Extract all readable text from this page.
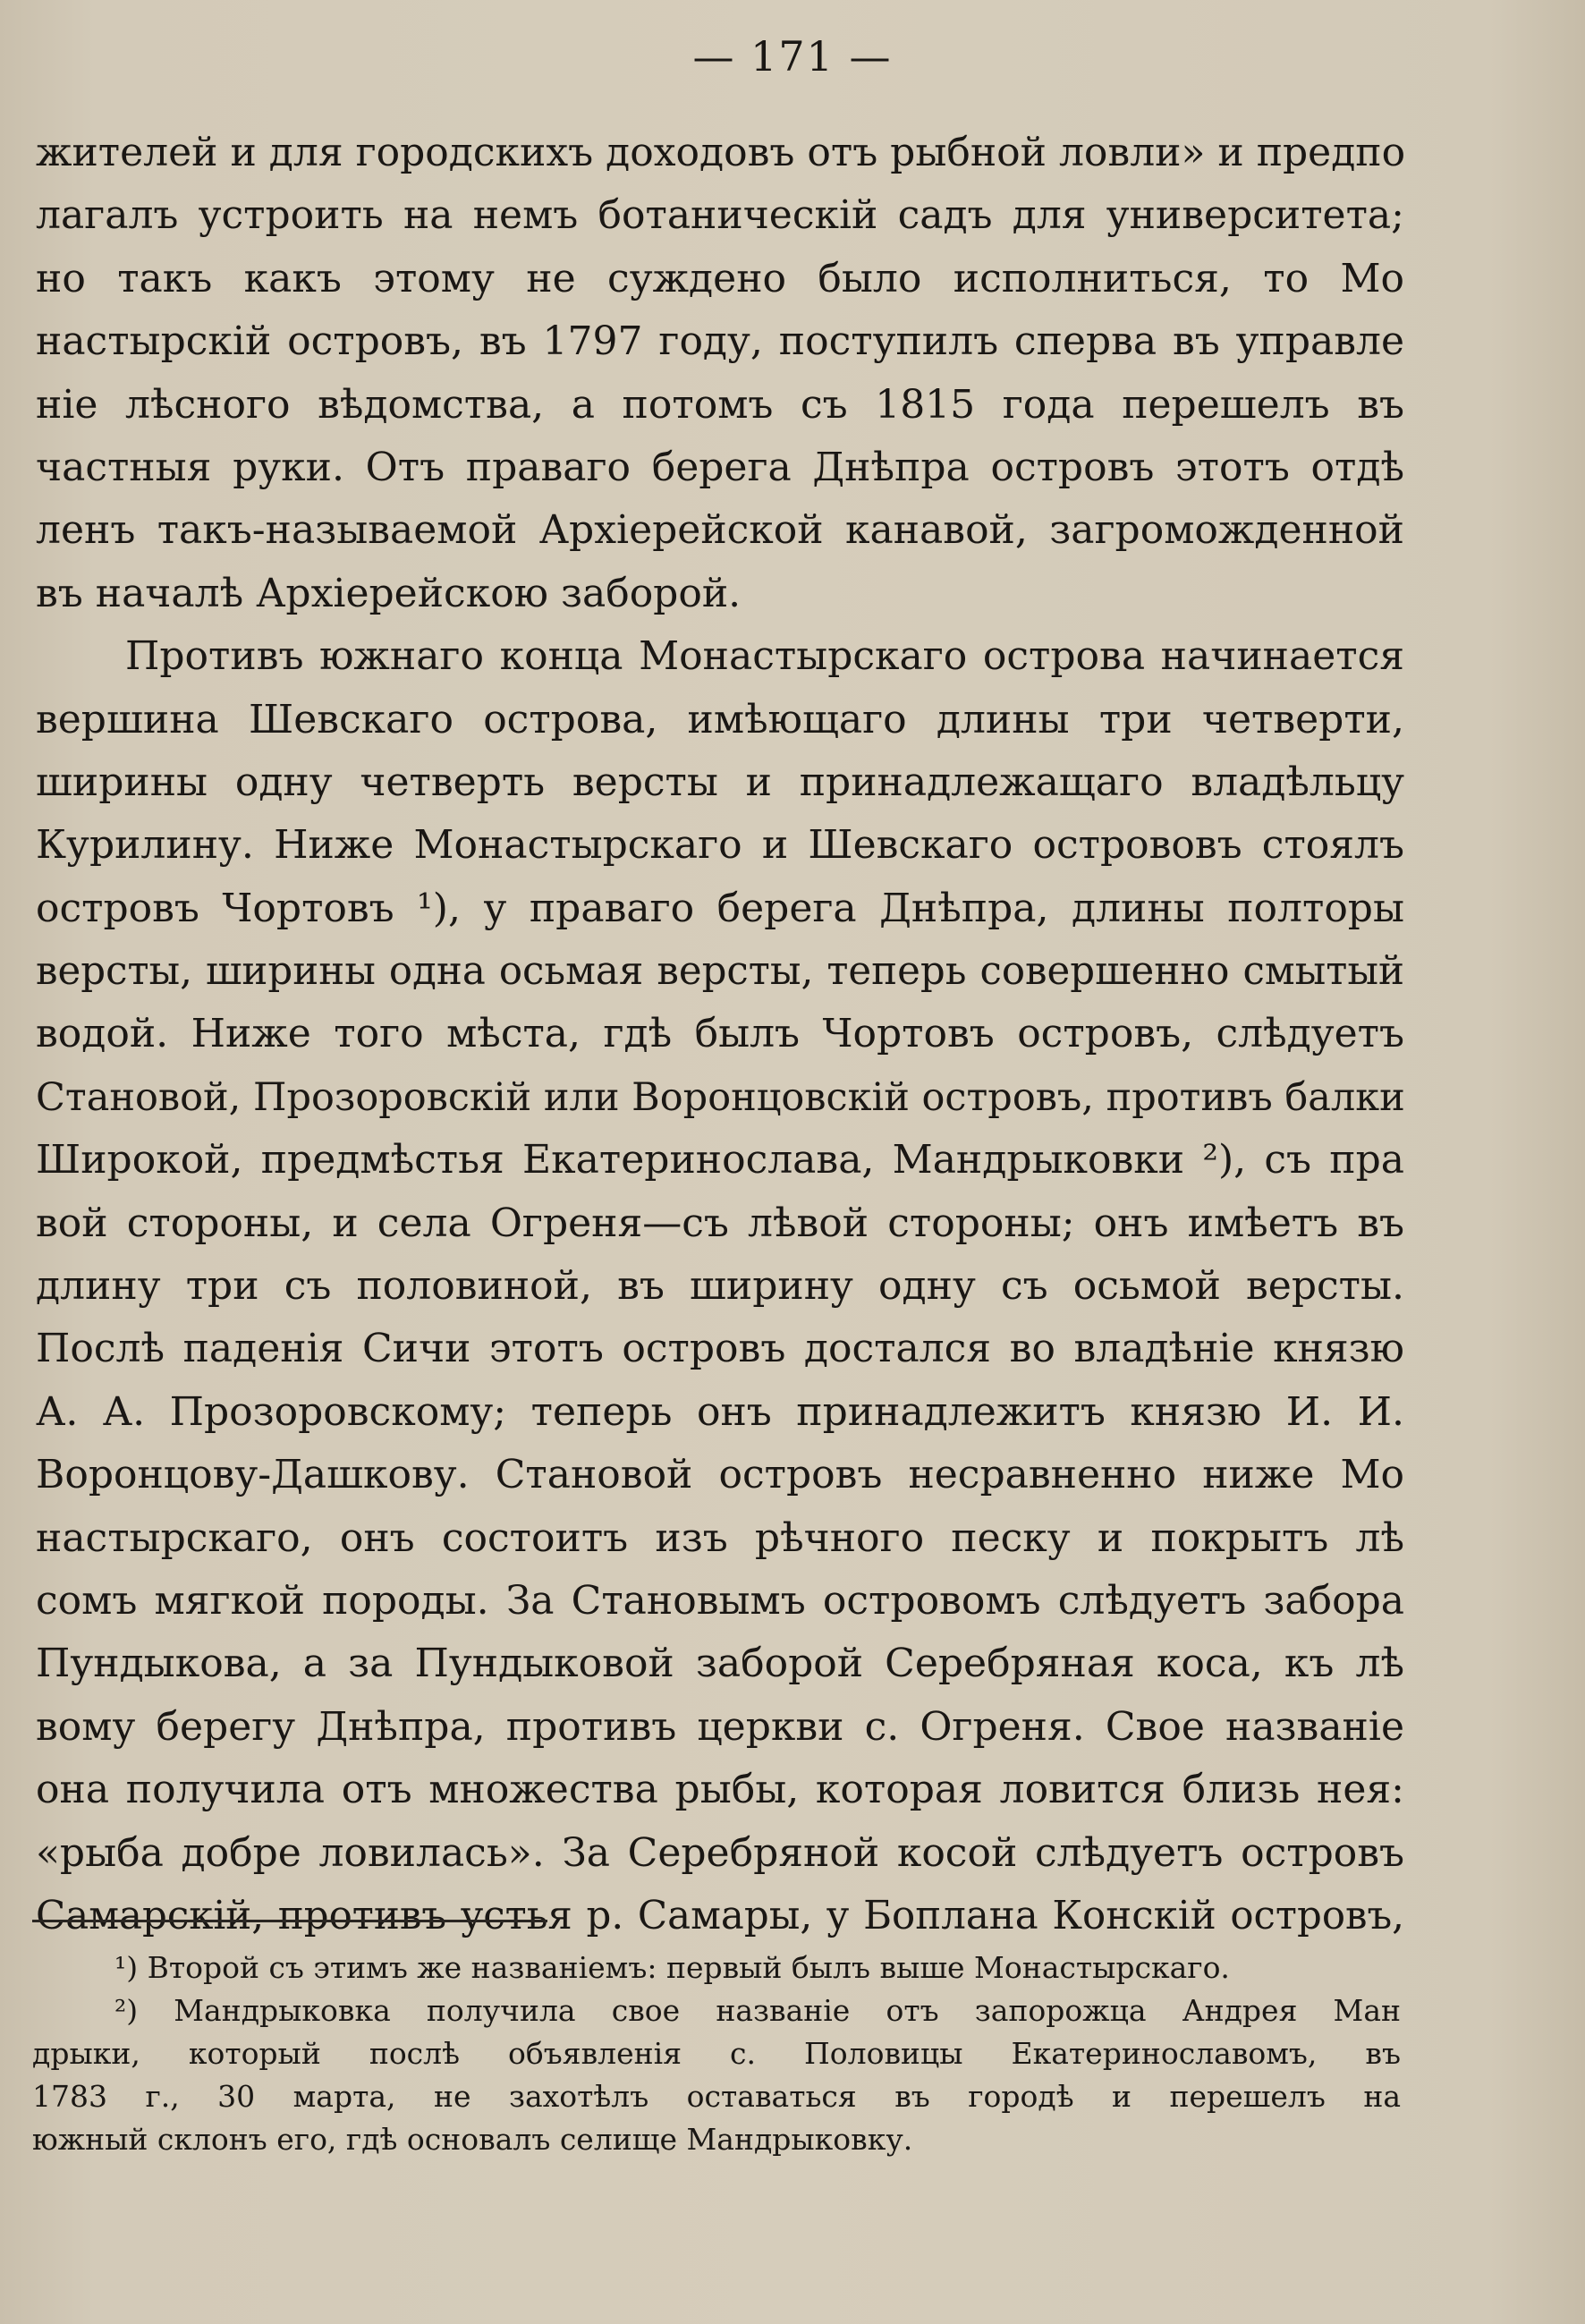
— 171 —
жителей и для городскихъ доходовъ отъ рыбной ловли» и предпо
лагалъ устроить на немъ ботаническій садъ для университета;
но такъ какъ этому не суждено было исполниться, то Мо
настырскій островъ, въ 1797 году, поступилъ сперва въ управле
ніе лѣсного вѣдомства, а потомъ съ 1815 года перешелъ въ
частныя руки. Отъ праваго берега Днѣпра островъ этотъ отдѣ
ленъ такъ-называемой Архіерейской канавой, загроможденной
въ началѣ Архіерейскою заборой.
Противъ южнаго конца Монастырскаго острова начинается
вершина Шевскаго острова, имѣющаго длины три четверти,
ширины одну четверть версты и принадлежащаго владѣльцу
Курилину. Ниже Монастырскаго и Шевскаго острововъ стоялъ
островъ Чортовъ ¹), у праваго берега Днѣпра, длины полторы
версты, ширины одна осьмая версты, теперь совершенно смытый
водой. Ниже того мѣста, гдѣ былъ Чортовъ островъ, слѣдуетъ
Становой, Прозоровскій или Воронцовскій островъ, противъ балки
Широкой, предмѣстья Екатеринослава, Мандрыковки ²), съ пра
вой стороны, и села Огреня—съ лѣвой стороны; онъ имѣетъ въ
длину три съ половиной, въ ширину одну съ осьмой версты.
Послѣ паденія Сичи этотъ островъ достался во владѣніе князю
А. А. Прозоровскому; теперь онъ принадлежитъ князю И. И.
Воронцову-Дашкову. Становой островъ несравненно ниже Мо
настырскаго, онъ состоитъ изъ рѣчного песку и покрытъ лѣ
сомъ мягкой породы. За Становымъ островомъ слѣдуетъ забора
Пундыкова, а за Пундыковой заборой Серебряная коса, къ лѣ
вому берегу Днѣпра, противъ церкви с. Огреня. Свое названіе
она получила отъ множества рыбы, которая ловится близь нея:
«рыба добре ловилась». За Серебряной косой слѣдуетъ островъ
Самарскій, противъ устья р. Самары, у Боплана Конскій островъ,
¹) Второй съ этимъ же названіемъ: первый былъ выше Монастырскаго.
²) Мандрыковка получила свое названіе отъ запорожца Андрея Ман
дрыки, который послѣ объявленія с. Половицы Екатеринославомъ, въ
1783 г., 30 марта, не захотѣлъ оставаться въ городѣ и перешелъ на
южный склонъ его, гдѣ основалъ селище Мандрыковку.
